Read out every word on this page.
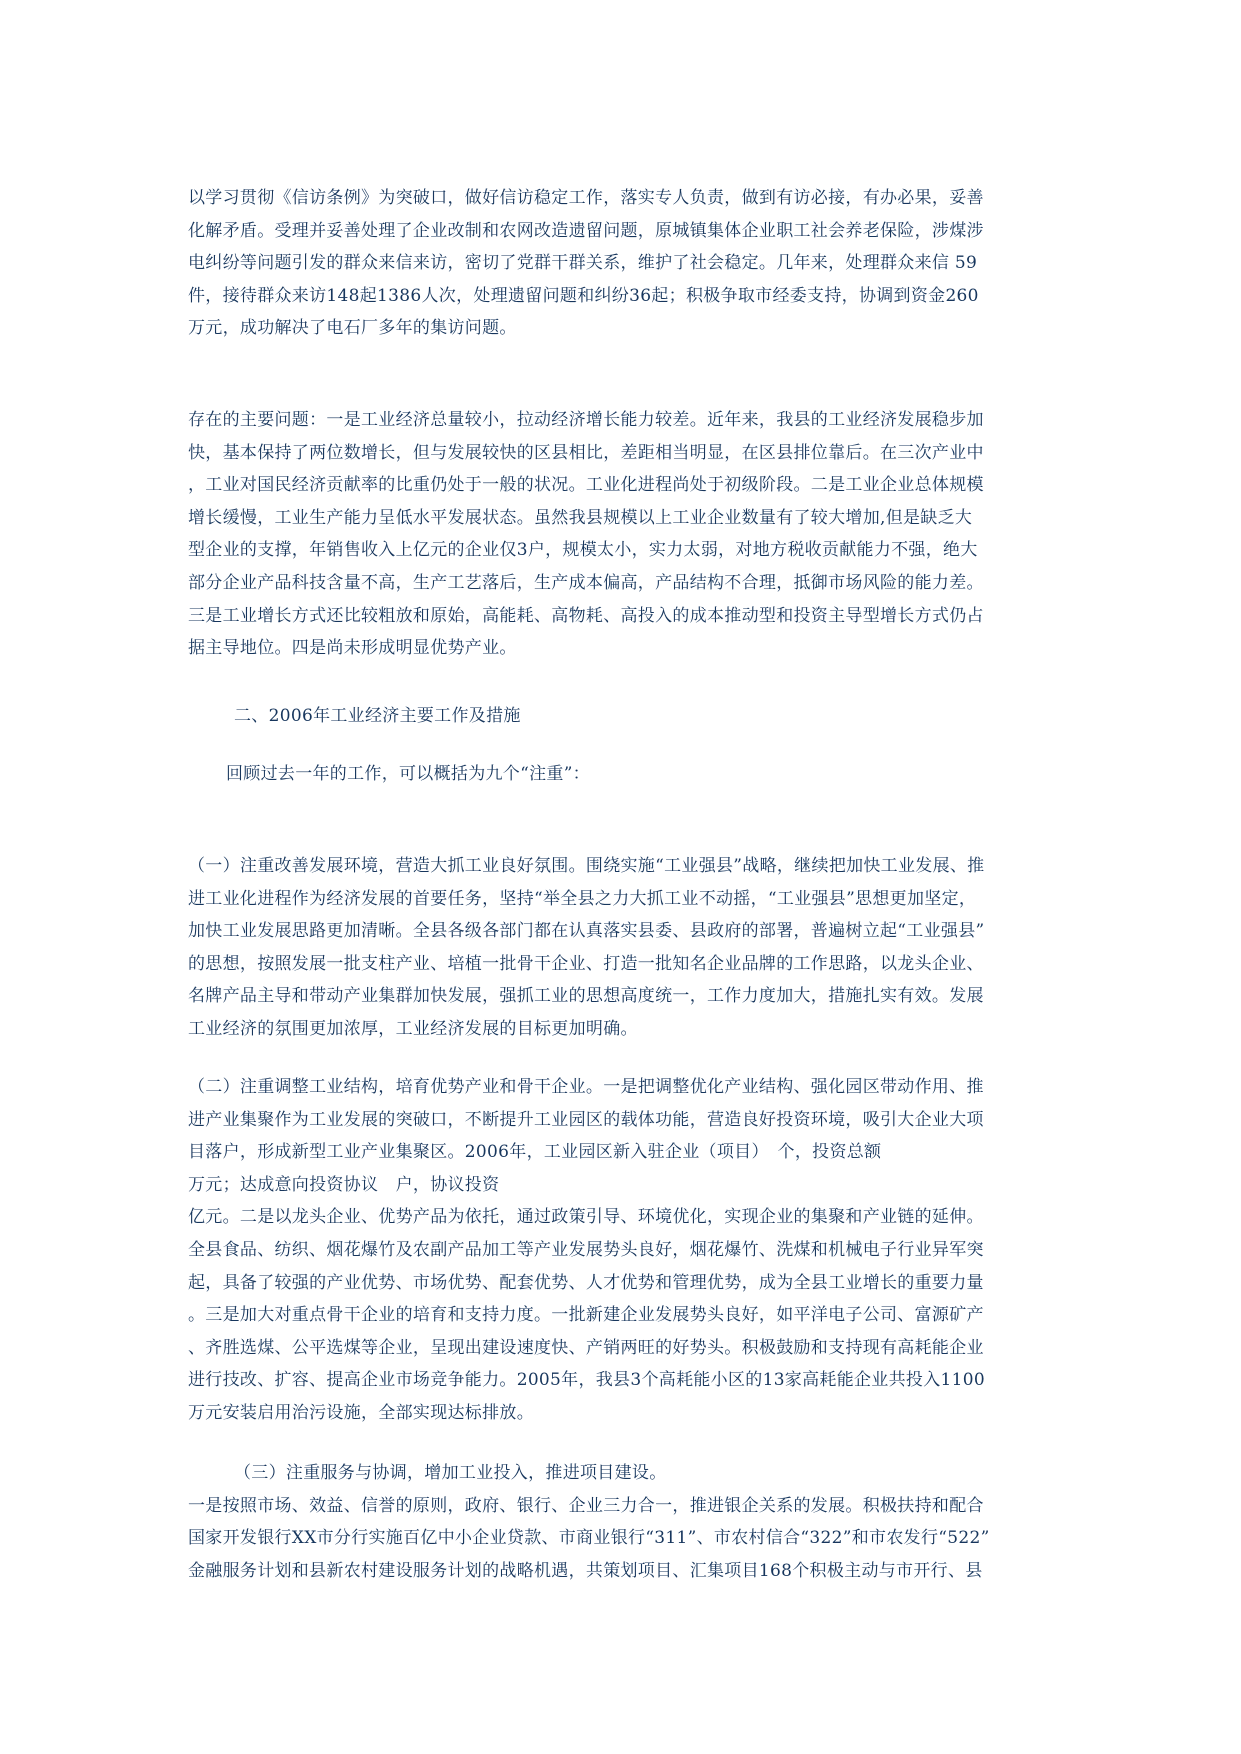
以学习贯彻《信访条例》为突破口，做好信访稳定工作，落实专人负责，做到有访必接，有办必果，妥善

化解矛盾。受理并妥善处理了企业改制和农网改造遗留问题，原城镇集体企业职工社会养老保险，涉煤涉

电纠纷等问题引发的群众来信来访，密切了党群干群关系，维护了社会稳定。几年来，处理群众来信 59

件，接待群众来访148起1386人次，处理遗留问题和纠纷36起；积极争取市经委支持，协调到资金260

万元，成功解决了电石厂多年的集访问题。

存在的主要问题：一是工业经济总量较小，拉动经济增长能力较差。近年来，我县的工业经济发展稳步加

快，基本保持了两位数增长，但与发展较快的区县相比，差距相当明显，在区县排位靠后。在三次产业中

，工业对国民经济贡献率的比重仍处于一般的状况。工业化进程尚处于初级阶段。二是工业企业总体规模

增长缓慢，工业生产能力呈低水平发展状态。虽然我县规模以上工业企业数量有了较大增加,但是缺乏大

型企业的支撑，年销售收入上亿元的企业仅3户，规模太小，实力太弱，对地方税收贡献能力不强，绝大

部分企业产品科技含量不高，生产工艺落后，生产成本偏高，产品结构不合理，抵御市场风险的能力差。

三是工业增长方式还比较粗放和原始，高能耗、高物耗、高投入的成本推动型和投资主导型增长方式仍占

据主导地位。四是尚未形成明显优势产业。

二、2006年工业经济主要工作及措施

回顾过去一年的工作，可以概括为九个“注重”：

（一）注重改善发展环境，营造大抓工业良好氛围。围绕实施“工业强县”战略，继续把加快工业发展、推

进工业化进程作为经济发展的首要任务，坚持“举全县之力大抓工业不动摇，“工业强县”思想更加坚定，

加快工业发展思路更加清晰。全县各级各部门都在认真落实县委、县政府的部署，普遍树立起“工业强县”

的思想，按照发展一批支柱产业、培植一批骨干企业、打造一批知名企业品牌的工作思路，以龙头企业、

名牌产品主导和带动产业集群加快发展，强抓工业的思想高度统一，工作力度加大，措施扎实有效。发展

工业经济的氛围更加浓厚，工业经济发展的目标更加明确。

（二）注重调整工业结构，培育优势产业和骨干企业。一是把调整优化产业结构、强化园区带动作用、推

进产业集聚作为工业发展的突破口，不断提升工业园区的载体功能，营造良好投资环境，吸引大企业大项

目落户，形成新型工业产业集聚区。2006年，工业园区新入驻企业（项目）　个，投资总额

万元；达成意向投资协议　户，协议投资

亿元。二是以龙头企业、优势产品为依托，通过政策引导、环境优化，实现企业的集聚和产业链的延伸。

全县食品、纺织、烟花爆竹及农副产品加工等产业发展势头良好，烟花爆竹、洗煤和机械电子行业异军突

起，具备了较强的产业优势、市场优势、配套优势、人才优势和管理优势，成为全县工业增长的重要力量

。三是加大对重点骨干企业的培育和支持力度。一批新建企业发展势头良好，如平洋电子公司、富源矿产

、齐胜选煤、公平选煤等企业，呈现出建设速度快、产销两旺的好势头。积极鼓励和支持现有高耗能企业

进行技改、扩容、提高企业市场竞争能力。2005年，我县3个高耗能小区的13家高耗能企业共投入1100

万元安装启用治污设施，全部实现达标排放。

（三）注重服务与协调，增加工业投入，推进项目建设。

一是按照市场、效益、信誉的原则，政府、银行、企业三力合一，推进银企关系的发展。积极扶持和配合

国家开发银行XX市分行实施百亿中小企业贷款、市商业银行“311”、市农村信合“322”和市农发行“522”

金融服务计划和县新农村建设服务计划的战略机遇，共策划项目、汇集项目168个积极主动与市开行、县
